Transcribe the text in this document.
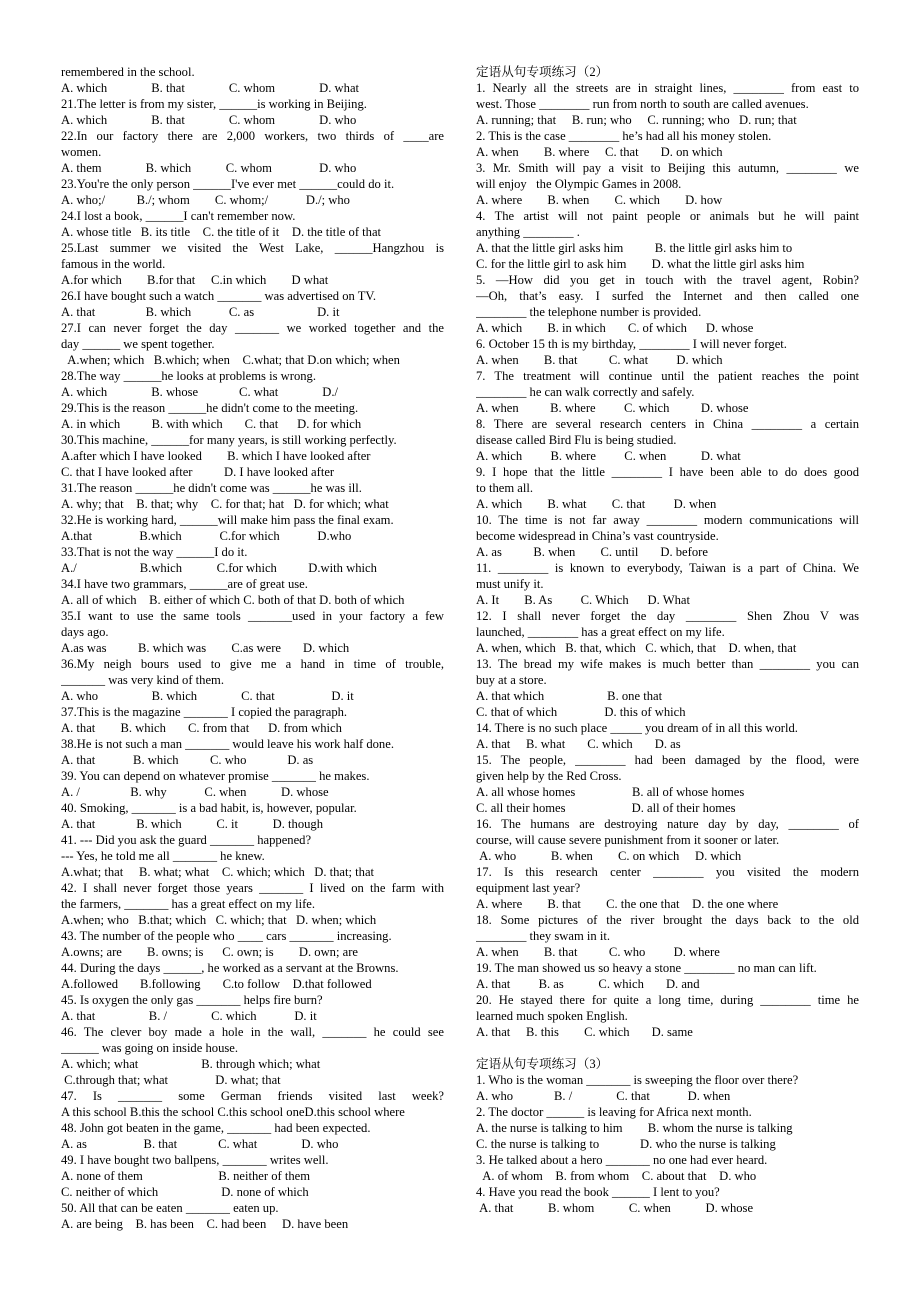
remembered in the school.
A. which              B. that              C. whom              D. what
21.The letter is from my sister, ______is working in Beijing.
A. which              B. that              C. whom              D. who
22.In our factory there are 2,000 workers, two thirds of ____are
women.
A. them              B. which           C. whom               D. who
23.You're the only person ______I've ever met ______could do it.
A. who;/          B./; whom        C. whom;/            D./; who
24.I lost a book, ______I can't remember now.
A. whose title   B. its title    C. the title of it    D. the title of that
25.Last summer we visited the West Lake, ______Hangzhou is
famous in the world.
A.for which        B.for that     C.in which        D what
26.I have bought such a watch _______ was advertised on TV.
A. that                B. which            C. as                    D. it
27.I can never forget the day _______ we worked together and the
day ______ we spent together.
A.when; which   B.which; when    C.what; that D.on which; when
28.The way ______he looks at problems is wrong.
A. which              B. whose             C. what              D./
29.This is the reason ______he didn't come to the meeting.
A. in which          B. with which       C. that      D. for which
30.This machine, ______for many years, is still working perfectly.
A.after which I have looked        B. which I have looked after
C. that I have looked after          D. I have looked after
31.The reason ______he didn't come was ______he was ill.
A. why; that    B. that; why    C. for that; hat   D. for which; what
32.He is working hard, ______will make him pass the final exam.
A.that               B.which            C.for which            D.who
33.That is not the way ______I do it.
A./                    B.which           C.for which          D.with which
34.I have two grammars, ______are of great use.
A. all of which    B. either of which C. both of that D. both of which
35.I want to use the same tools _______used in your factory a few
days ago.
A.as was          B. which was        C.as were       D. which
36.My neigh bours used to give me a hand in time of trouble,
_______ was very kind of them.
A. who                 B. which              C. that                  D. it
37.This is the magazine _______ I copied the paragraph.
A. that        B. which       C. from that      D. from which
38.He is not such a man _______ would leave his work half done.
A. that            B. which          C. who             D. as
39. You can depend on whatever promise _______ he makes.
A. /                B. why            C. when           D. whose
40. Smoking, _______ is a bad habit, is, however, popular.
A. that             B. which           C. it           D. though
41. --- Did you ask the guard _______ happened?
--- Yes, he told me all _______ he knew.
A.what; that     B. what; what    C. which; which   D. that; that
42. I shall never forget those years _______ I lived on the farm with
the farmers, _______ has a great effect on my life.
A.when; who   B.that; which   C. which; that   D. when; which
43. The number of the people who ____ cars _______ increasing.
A.owns; are        B. owns; is      C. own; is        D. own; are
44. During the days ______, he worked as a servant at the Browns.
A.followed       B.following       C.to follow    D.that followed
45. Is oxygen the only gas _______ helps fire burn?
A. that                 B. /              C. which            D. it
46. The clever boy made a hole in the wall, _______ he could see
______ was going on inside house.
A. which; what                    B. through which; what
C.through that; what               D. what; that
47. Is _______ some German friends visited last week?
A this school B.this the school C.this school oneD.this school where
48. John got beaten in the game, _______ had been expected.
A. as                  B. that             C. what              D. who
49. I have bought two ballpens, _______ writes well.
A. none of them                        B. neither of them
C. neither of which                    D. none of which
50. All that can be eaten _______ eaten up.
A. are being    B. has been    C. had been     D. have been
定语从句专项练习（2）
1. Nearly all the streets are in straight lines, ________ from east to
west. Those ________ run from north to south are called avenues.
A. running; that     B. run; who     C. running; who   D. run; that
2. This is the case ________ he’s had all his money stolen.
A. when        B. where     C. that       D. on which
3. Mr. Smith will pay a visit to Beijing this autumn, ________ we
will enjoy   the Olympic Games in 2008.
A. where        B. when        C. which        D. how
4. The artist will not paint people or animals but he will paint
anything ________ .
A. that the little girl asks him          B. the little girl asks him to
C. for the little girl to ask him        D. what the little girl asks him
5. —How did you get in touch with the travel agent, Robin?
—Oh, that’s easy. I surfed the Internet and then called one
________ the telephone number is provided.
A. which        B. in which       C. of which      D. whose
6. October 15 th is my birthday, ________ I will never forget.
A. when        B. that          C. what         D. which
7. The treatment will continue until the patient reaches the point
________ he can walk correctly and safely.
A. when          B. where         C. which          D. whose
8. There are several research centers in China ________ a certain
disease called Bird Flu is being studied.
A. which         B. where         C. when           D. what
9. I hope that the little ________ I have been able to do does good
to them all.
A. which        B. what        C. that         D. when
10. The time is not far away ________ modern communications will
become widespread in China’s vast countryside.
A. as          B. when        C. until       D. before
11. ________ is known to everybody, Taiwan is a part of China. We
must unify it.
A. It        B. As         C. Which      D. What
12. I shall never forget the day ________ Shen Zhou V was
launched, ________ has a great effect on my life.
A. when, which   B. that, which   C. which, that    D. when, that
13. The bread my wife makes is much better than ________ you can
buy at a store.
A. that which                    B. one that
C. that of which               D. this of which
14. There is no such place _____ you dream of in all this world.
A. that     B. what       C. which       D. as
15. The people, ________ had been damaged by the flood, were
given help by the Red Cross.
A. all whose homes                  B. all of whose homes
C. all their homes                     D. all of their homes
16. The humans are destroying nature day by day, ________ of
course, will cause severe punishment from it sooner or later.
A. who           B. when        C. on which     D. which
17. Is this research center ________ you visited the modern
equipment last year?
A. where        B. that        C. the one that    D. the one where
18. Some pictures of the river brought the days back to the old
________ they swam in it.
A. when        B. that          C. who         D. where
19. The man showed us so heavy a stone ________ no man can lift.
A. that         B. as           C. which       D. and
20. He stayed there for quite a long time, during ________ time he
learned much spoken English.
A. that     B. this        C. which       D. same
定语从句专项练习（3）
1. Who is the woman _______ is sweeping the floor over there?
A. who             B. /              C. that            D. when
2. The doctor ______ is leaving for Africa next month.
A. the nurse is talking to him        B. whom the nurse is talking
C. the nurse is talking to             D. who the nurse is talking
3. He talked about a hero _______ no one had ever heard.
A. of whom    B. from whom    C. about that    D. who
4. Have you read the book ______ I lent to you?
A. that           B. whom           C. when           D. whose
